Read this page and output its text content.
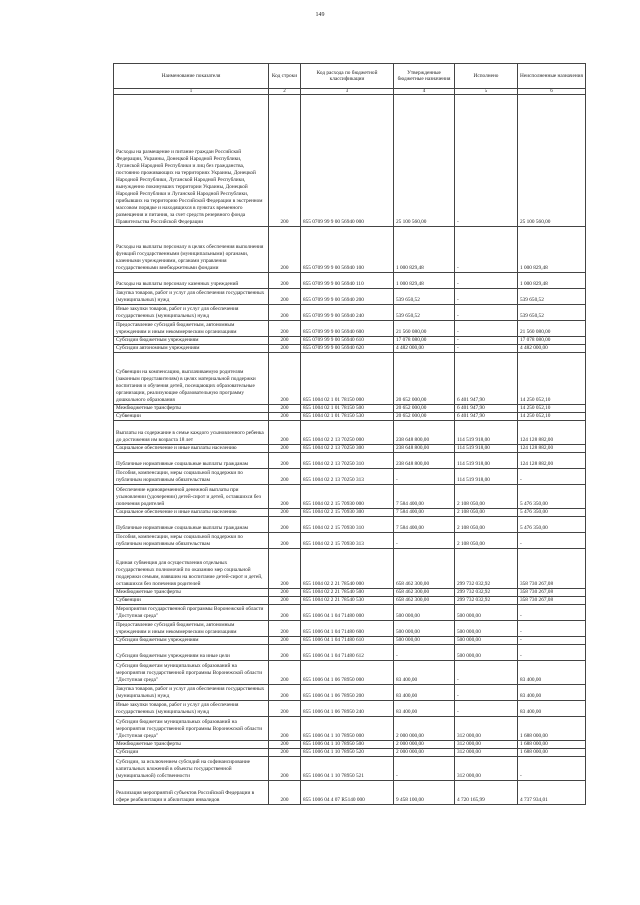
149
Наименование показателя	Код строки	Код расхода по бюджетной классификации	Утвержденные бюджетные назначения	Исполнено	Неисполненные назначения
1	2	3	4	5	6
Расходы на размещение и питание граждан Российской Федерации, Украины, Донецкой Народной Республики, Луганской Народной Республики и лиц без гражданства, постоянно проживающих на территориях Украины, Донецкой Народной Республики, Луганской Народной Республики, вынужденно покинувших территории Украины, Донецкой Народной Республики и Луганской Народной Республики, прибывших на территорию Российской Федерации в экстренном массовом порядке и находящихся в пунктах временного размещения и питания, за счет средств резервного фонда Правительства Российской Федерации	200	855 0709 99 9 00 56940 000	25 100 560,00	-	25 100 560,00
Расходы на выплаты персоналу в целях обеспечения выполнения функций государственными (муниципальными) органами, казенными учреждениями, органами управления государственными внебюджетными фондами	200	855 0709 99 9 00 56940 100	1 000 829,48	-	1 000 829,48
Расходы на выплаты персоналу казенных учреждений	200	855 0709 99 9 00 56940 110	1 000 829,48	-	1 000 829,48
Закупка товаров, работ и услуг для обеспечения государственных (муниципальных) нужд	200	855 0709 99 9 00 56940 200	539 650,52	-	539 650,52
Иные закупки товаров, работ и услуг для обеспечения государственных (муниципальных) нужд	200	855 0709 99 9 00 56940 240	539 650,52	-	539 650,52
Предоставление субсидий бюджетным, автономным учреждениям и иным некоммерческим организациям	200	855 0709 99 9 00 56940 600	21 560 080,00	-	21 560 080,00
Субсидии бюджетным учреждениям	200	855 0709 99 9 00 56940 610	17 078 080,00	-	17 078 080,00
Субсидии автономным учреждениям	200	855 0709 99 9 00 56940 620	4 482 000,00	-	4 482 000,00
Субвенции на компенсацию, выплачиваемую родителям (законным представителям) в целях материальной поддержки воспитания и обучения детей, посещающих образовательные организации, реализующие образовательную программу дошкольного образования	200	855 1004 02 1 01 78150 000	20 652 000,00	6 401 947,90	14 250 052,10
Межбюджетные трансферты	200	855 1004 02 1 01 78150 500	20 652 000,00	6 401 947,90	14 250 052,10
Субвенции	200	855 1004 02 1 01 78150 530	20 652 000,00	6 401 947,90	14 250 052,10
Выплаты на содержание в семье каждого усыновленного ребенка до достижения им возраста 18 лет	200	855 1004 02 2 13 70250 000	238 648 800,00	114 519 918,00	124 128 882,00
Социальное обеспечение и иные выплаты населению	200	855 1004 02 2 13 70250 300	238 648 800,00	114 519 918,00	124 128 882,00
Публичные нормативные социальные выплаты гражданам	200	855 1004 02 2 13 70250 310	238 648 800,00	114 519 918,00	124 128 882,00
Пособия, компенсации, меры социальной поддержки по публичным нормативным обязательствам	200	855 1004 02 2 13 70250 313	-	114 519 918,00	-
Обеспечение единовременной денежной выплаты при усыновлении (удочерении) детей-сирот и детей, оставшихся без попечения родителей	200	855 1004 02 2 15 70930 000	7 584 400,00	2 108 050,00	5 476 350,00
Социальное обеспечение и иные выплаты населению	200	855 1004 02 2 15 70930 300	7 584 400,00	2 108 050,00	5 476 350,00
Публичные нормативные социальные выплаты гражданам	200	855 1004 02 2 15 70930 310	7 584 400,00	2 108 050,00	5 476 350,00
Пособия, компенсации, меры социальной поддержки по публичным нормативным обязательствам	200	855 1004 02 2 15 70930 313	-	2 108 050,00	-
Единая субвенция для осуществления отдельных государственных полномочий по оказанию мер социальной поддержки семьям, взявшим на воспитание детей-сирот и детей, оставшихся без попечения родителей	200	855 1004 02 2 21 78540 000	658 462 300,00	299 732 032,92	358 730 267,08
Межбюджетные трансферты	200	855 1004 02 2 21 78540 500	658 462 300,00	299 732 032,92	358 730 267,08
Субвенции	200	855 1004 02 2 21 78540 530	658 462 300,00	299 732 032,92	358 730 267,08
Мероприятия государственной программы Воронежской области "Доступная среда"	200	855 1006 04 1 04 71480 000	500 000,00	500 000,00	-
Предоставление субсидий бюджетным, автономным учреждениям и иным некоммерческим организациям	200	855 1006 04 1 04 71480 600	500 000,00	500 000,00	-
Субсидии бюджетным учреждениям	200	855 1006 04 1 04 71480 610	500 000,00	500 000,00	-
Субсидии бюджетным учреждениям на иные цели	200	855 1006 04 1 04 71480 612	-	500 000,00	-
Субсидии бюджетам муниципальных образований на мероприятия государственной программы Воронежской области "Доступная среда"	200	855 1006 04 1 06 78950 000	83 400,00	-	83 400,00
Закупка товаров, работ и услуг для обеспечения государственных (муниципальных) нужд	200	855 1006 04 1 06 78950 200	83 400,00	-	83 400,00
Иные закупки товаров, работ и услуг для обеспечения государственных (муниципальных) нужд	200	855 1006 04 1 06 78950 240	83 400,00	-	83 400,00
Субсидии бюджетам муниципальных образований на мероприятия государственной программы Воронежской области "Доступная среда"	200	855 1006 04 1 10 78950 000	2 000 000,00	312 000,00	1 688 000,00
Межбюджетные трансферты	200	855 1006 04 1 10 78950 500	2 000 000,00	312 000,00	1 688 000,00
Субсидии	200	855 1006 04 1 10 78950 520	2 000 000,00	312 000,00	1 688 000,00
Субсидии, за исключением субсидий на софинансирование капитальных вложений в объекты государственной (муниципальной) собственности	200	855 1006 04 1 10 78950 521	-	312 000,00	-
Реализация мероприятий субъектов Российской Федерации в сфере реабилитации и абилитации инвалидов	200	855 1006 04 4 07 R5140 000	9 458 100,00	4 720 165,99	4 737 934,01
